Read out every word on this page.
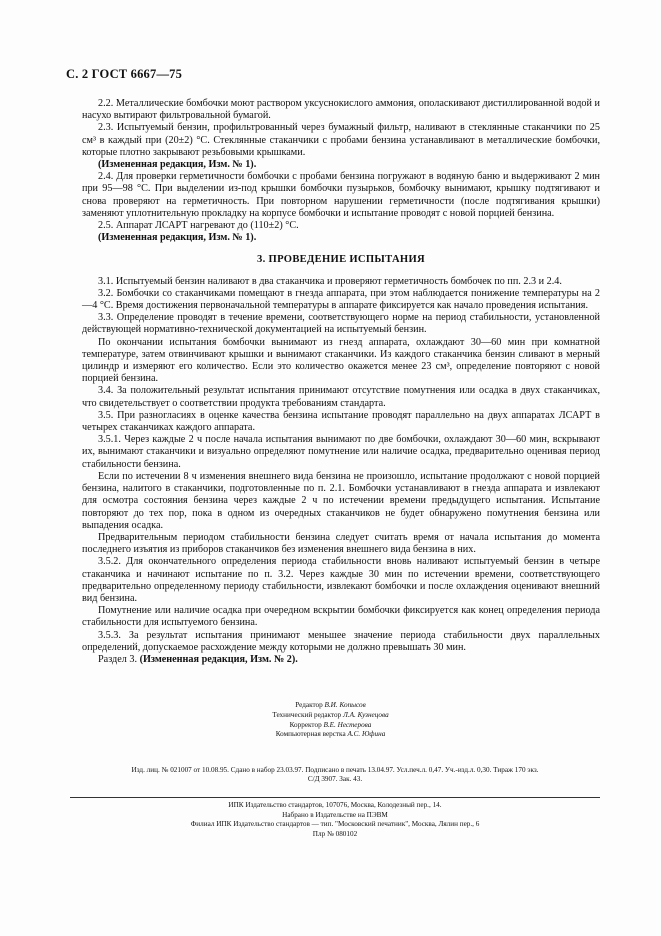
С. 2 ГОСТ 6667—75

2.2. Металлические бомбочки моют раствором уксуснокислого аммония, ополаскивают дистиллированной водой и насухо вытирают фильтровальной бумагой.

2.3. Испытуемый бензин, профильтрованный через бумажный фильтр, наливают в стеклянные стаканчики по 25 см³ в каждый при (20±2) °С. Стеклянные стаканчики с пробами бензина устанавливают в металлические бомбочки, которые плотно закрывают резьбовыми крышками.

(Измененная редакция, Изм. № 1).

2.4. Для проверки герметичности бомбочки с пробами бензина погружают в водяную баню и выдерживают 2 мин при 95—98 °С. При выделении из-под крышки бомбочки пузырьков, бомбочку вынимают, крышку подтягивают и снова проверяют на герметичность. При повторном нарушении герметичности (после подтягивания крышки) заменяют уплотнительную прокладку на корпусе бомбочки и испытание проводят с новой порцией бензина.

2.5. Аппарат ЛСАРТ нагревают до (110±2) °С.

(Измененная редакция, Изм. № 1).

3. ПРОВЕДЕНИЕ ИСПЫТАНИЯ

3.1. Испытуемый бензин наливают в два стаканчика и проверяют герметичность бомбочек по пп. 2.3 и 2.4.

3.2. Бомбочки со стаканчиками помещают в гнезда аппарата, при этом наблюдается понижение температуры на 2—4 °С. Время достижения первоначальной температуры в аппарате фиксируется как начало проведения испытания.

3.3. Определение проводят в течение времени, соответствующего норме на период стабильности, установленной действующей нормативно-технической документацией на испытуемый бензин.

По окончании испытания бомбочки вынимают из гнезд аппарата, охлаждают 30—60 мин при комнатной температуре, затем отвинчивают крышки и вынимают стаканчики. Из каждого стаканчика бензин сливают в мерный цилиндр и измеряют его количество. Если это количество окажется менее 23 см³, определение повторяют с новой порцией бензина.

3.4. За положительный результат испытания принимают отсутствие помутнения или осадка в двух стаканчиках, что свидетельствует о соответствии продукта требованиям стандарта.

3.5. При разногласиях в оценке качества бензина испытание проводят параллельно на двух аппаратах ЛСАРТ в четырех стаканчиках каждого аппарата.

3.5.1. Через каждые 2 ч после начала испытания вынимают по две бомбочки, охлаждают 30—60 мин, вскрывают их, вынимают стаканчики и визуально определяют помутнение или наличие осадка, предварительно оценивая период стабильности бензина.

Если по истечении 8 ч изменения внешнего вида бензина не произошло, испытание продолжают с новой порцией бензина, налитого в стаканчики, подготовленные по п. 2.1. Бомбочки устанавливают в гнезда аппарата и извлекают для осмотра состояния бензина через каждые 2 ч по истечении времени предыдущего испытания. Испытание повторяют до тех пор, пока в одном из очередных стаканчиков не будет обнаружено помутнения бензина или выпадения осадка.

Предварительным периодом стабильности бензина следует считать время от начала испытания до момента последнего изъятия из приборов стаканчиков без изменения внешнего вида бензина в них.

3.5.2. Для окончательного определения периода стабильности вновь наливают испытуемый бензин в четыре стаканчика и начинают испытание по п. 3.2. Через каждые 30 мин по истечении времени, соответствующего предварительно определенному периоду стабильности, извлекают бомбочки и после охлаждения оценивают внешний вид бензина.

Помутнение или наличие осадка при очередном вскрытии бомбочки фиксируется как конец определения периода стабильности для испытуемого бензина.

3.5.3. За результат испытания принимают меньшее значение периода стабильности двух параллельных определений, допускаемое расхождение между которыми не должно превышать 30 мин.

Раздел 3. (Измененная редакция, Изм. № 2).

Редактор В.И. Копысов
Технический редактор Л.А. Кузнецова
Корректор В.Е. Нестерова
Компьютерная верстка А.С. Юфина
Изд. лиц. № 021007 от 10.08.95. Сдано в набор 23.03.97. Подписано в печать 13.04.97. Усл.печ.л. 0,47. Уч.-изд.л. 0,30. Тираж 170 экз.
С/Д 3907. Зак. 43.
ИПК Издательство стандартов, 107076, Москва, Колодезный пер., 14.
Набрано в Издательстве на ПЭВМ
Филиал ИПК Издательство стандартов — тип. "Московский печатник", Москва, Лялин пер., 6
Плр № 080102
